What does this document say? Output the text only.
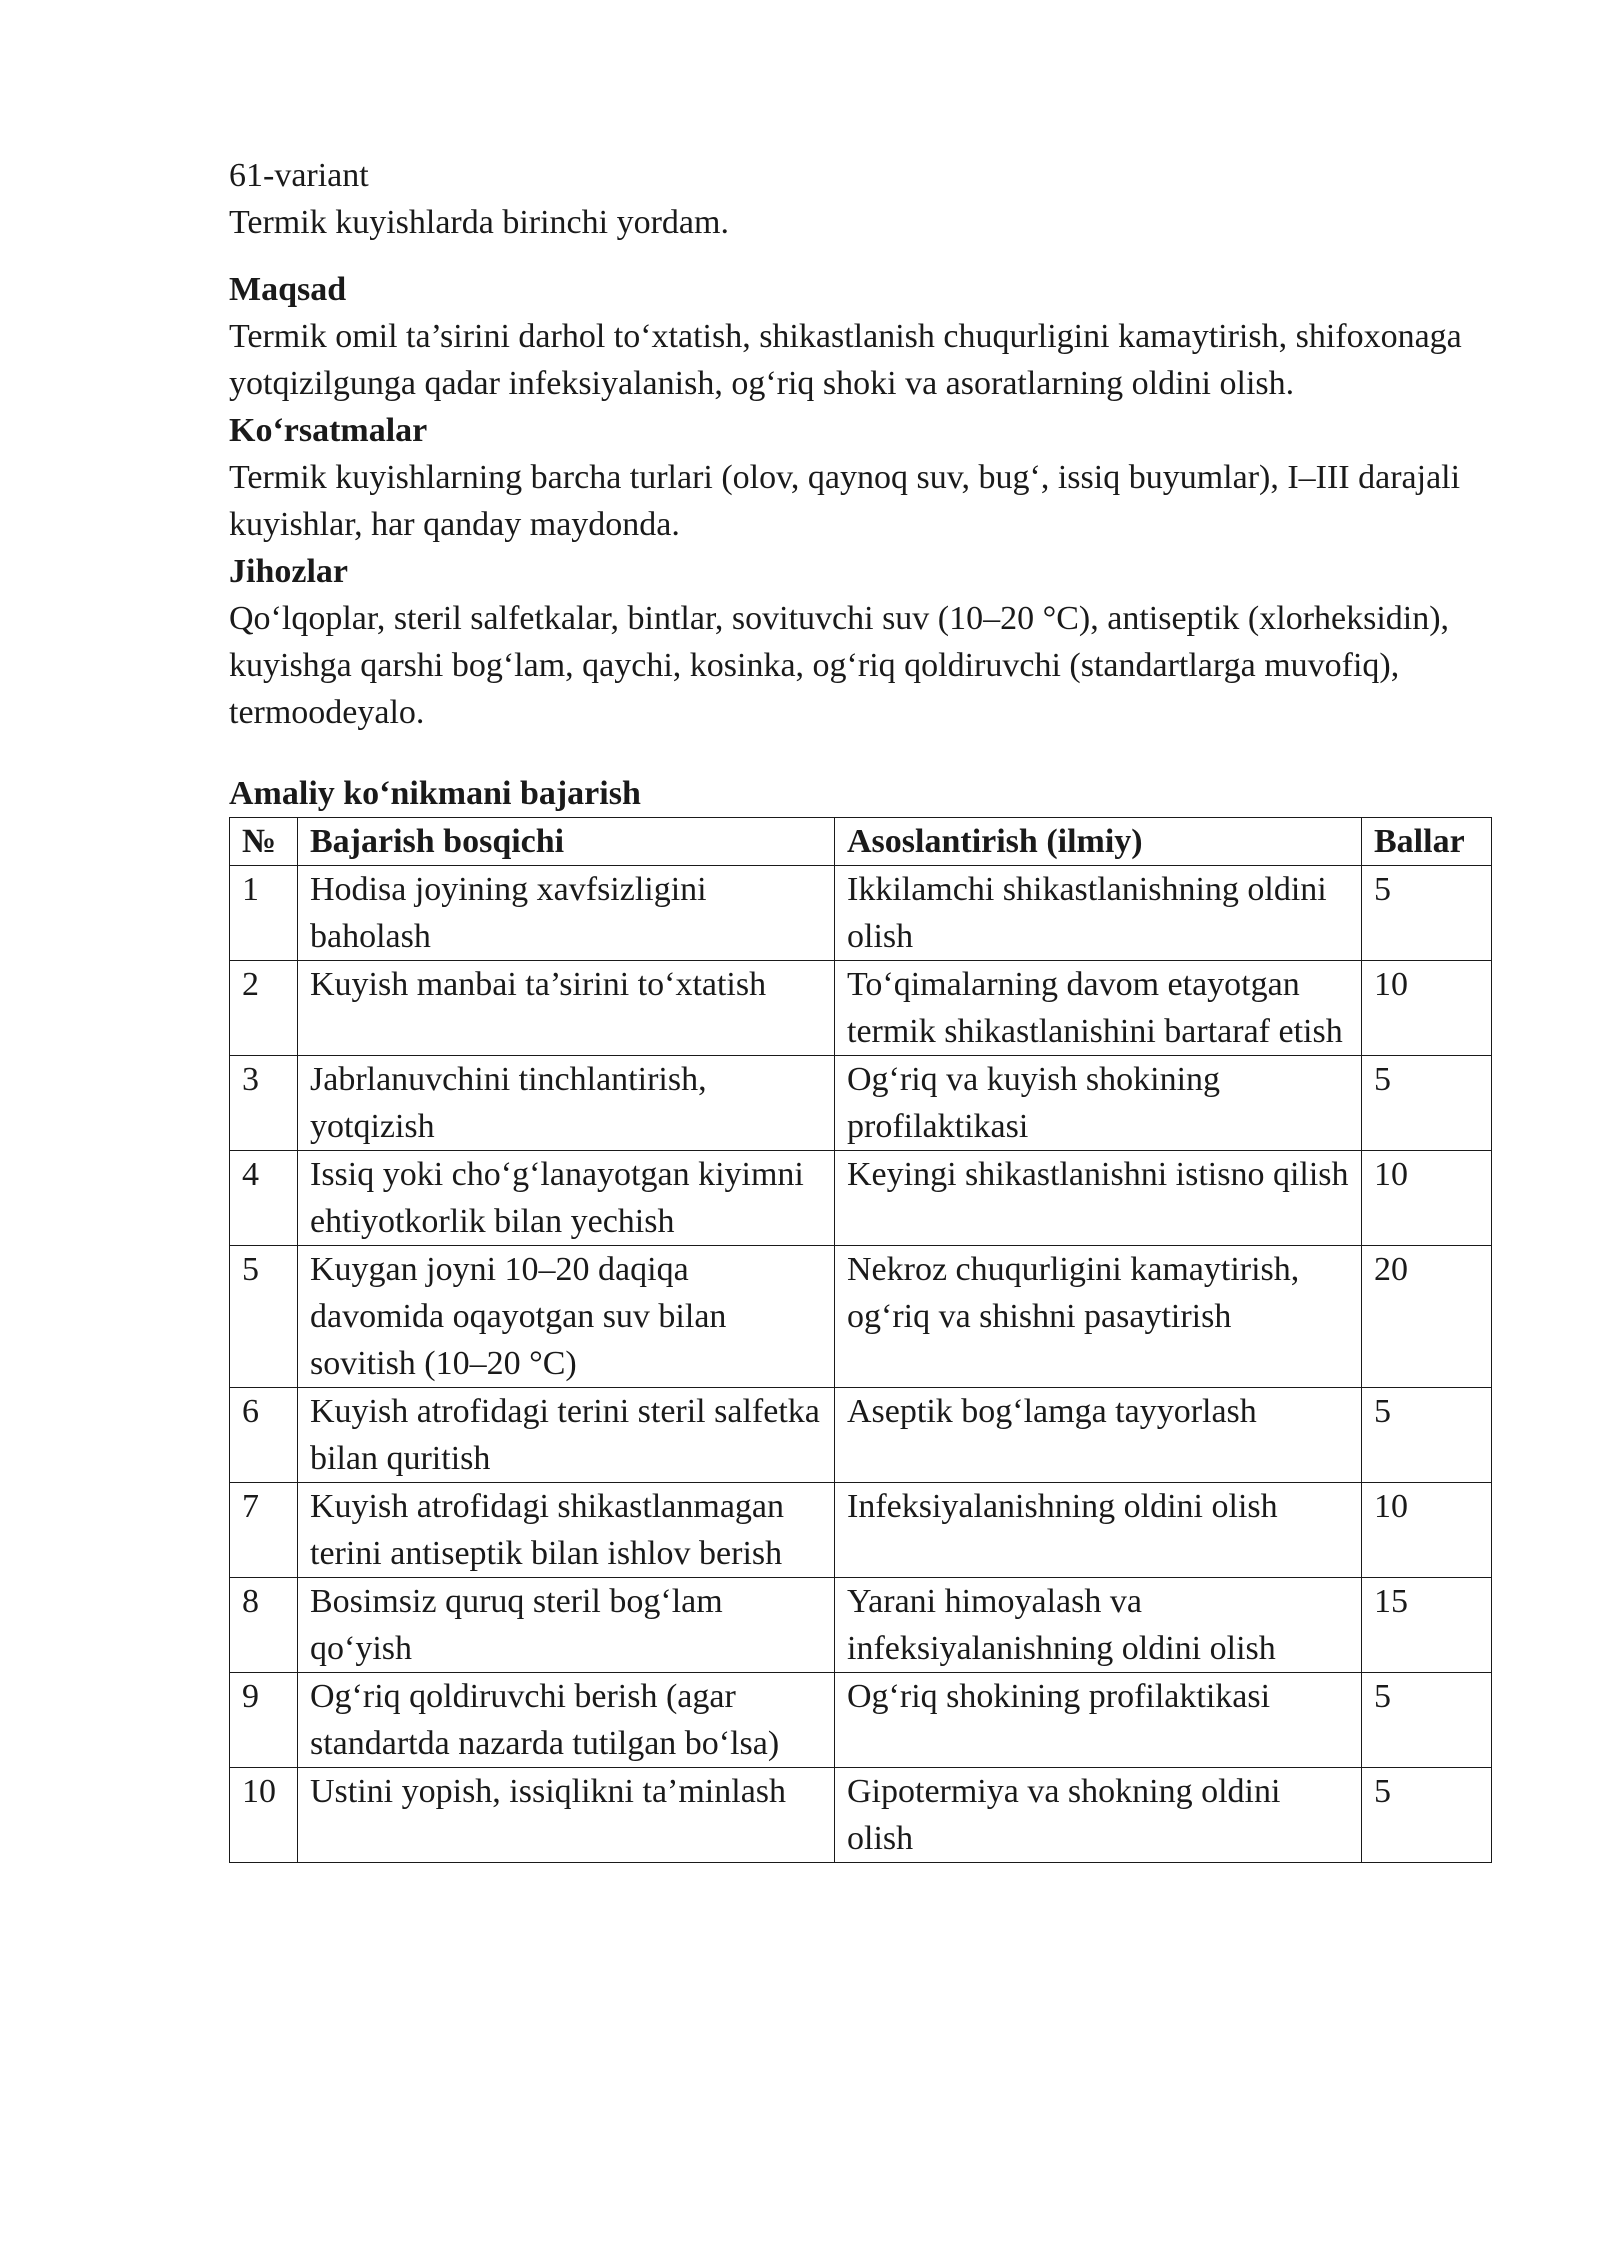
61-variant
Termik kuyishlarda birinchi yordam.
Maqsad
Termik omil ta’sirini darhol to‘xtatish, shikastlanish chuqurligini kamaytirish, shifoxonaga yotqizilgunga qadar infeksiyalanish, og‘riq shoki va asoratlarning oldini olish.
Ko‘rsatmalar
Termik kuyishlarning barcha turlari (olov, qaynoq suv, bug‘, issiq buyumlar), I–III darajali kuyishlar, har qanday maydonda.
Jihozlar
Qo‘lqoplar, steril salfetkalar, bintlar, sovituvchi suv (10–20 °C), antiseptik (xlorheksidin), kuyishga qarshi bog‘lam, qaychi, kosinka, og‘riq qoldiruvchi (standartlarga muvofiq), termoodeyalo.
Amaliy ko‘nikmani bajarish
№	Bajarish bosqichi	Asoslantirish (ilmiy)	Ballar
1	Hodisa joyining xavfsizligini baholash	Ikkilamchi shikastlanishning oldini olish	5
2	Kuyish manbai ta’sirini to‘xtatish	To‘qimalarning davom etayotgan termik shikastlanishini bartaraf etish	10
3	Jabrlanuvchini tinchlantirish, yotqizish	Og‘riq va kuyish shokining profilaktikasi	5
4	Issiq yoki cho‘g‘lanayotgan kiyimni ehtiyotkorlik bilan yechish	Keyingi shikastlanishni istisno qilish	10
5	Kuygan joyni 10–20 daqiqa davomida oqayotgan suv bilan sovitish (10–20 °C)	Nekroz chuqurligini kamaytirish, og‘riq va shishni pasaytirish	20
6	Kuyish atrofidagi terini steril salfetka bilan quritish	Aseptik bog‘lamga tayyorlash	5
7	Kuyish atrofidagi shikastlanmagan terini antiseptik bilan ishlov berish	Infeksiyalanishning oldini olish	10
8	Bosimsiz quruq steril bog‘lam qo‘yish	Yarani himoyalash va infeksiyalanishning oldini olish	15
9	Og‘riq qoldiruvchi berish (agar standartda nazarda tutilgan bo‘lsa)	Og‘riq shokining profilaktikasi	5
10	Ustini yopish, issiqlikni ta’minlash	Gipotermiya va shokning oldini olish	5
